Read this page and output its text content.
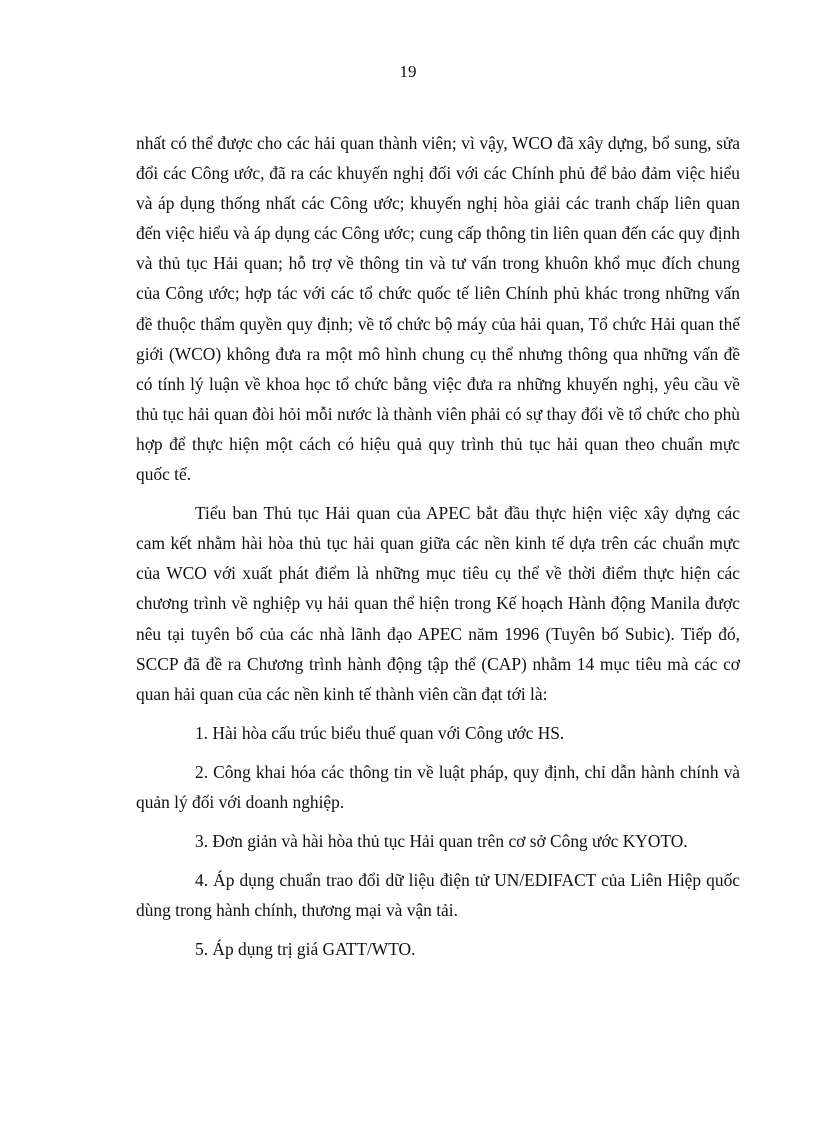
19

nhất có thể được cho các hải quan thành viên; vì vậy, WCO đã xây dựng, bổ sung, sửa đổi các Công ước, đã ra các khuyến nghị đối với các Chính phủ để bảo đảm việc hiểu và áp dụng thống nhất các Công ước; khuyến nghị hòa giải các tranh chấp liên quan đến việc hiểu và áp dụng các Công ước; cung cấp thông tin liên quan đến các quy định và thủ tục Hải quan; hỗ trợ về thông tin và tư vấn trong khuôn khổ mục đích chung của Công ước; hợp tác với các tổ chức quốc tế liên Chính phủ khác trong những vấn đề thuộc thẩm quyền quy định; về tổ chức bộ máy của hải quan, Tổ chức Hải quan thế giới (WCO) không đưa ra một mô hình chung cụ thể nhưng thông qua những vấn đề có tính lý luận về khoa học tổ chức bằng việc đưa ra những khuyến nghị, yêu cầu về thủ tục hải quan đòi hỏi mỗi nước là thành viên phải có sự thay đổi về tổ chức cho phù hợp để thực hiện một cách có hiệu quả quy trình thủ tục hải quan theo chuẩn mực quốc tế.

Tiểu ban Thủ tục Hải quan của APEC bắt đầu thực hiện việc xây dựng các cam kết nhằm hài hòa thủ tục hải quan giữa các nền kinh tế dựa trên các chuẩn mực của WCO với xuất phát điểm là những mục tiêu cụ thể về thời điểm thực hiện các chương trình về nghiệp vụ hải quan thể hiện trong Kế hoạch Hành động Manila được nêu tại tuyên bố của các nhà lãnh đạo APEC năm 1996 (Tuyên bố Subic). Tiếp đó, SCCP đã đề ra Chương trình hành động tập thể (CAP) nhằm 14 mục tiêu mà các cơ quan hải quan của các nền kinh tế thành viên cần đạt tới là:

1. Hài hòa cấu trúc biểu thuế quan với Công ước HS.

2. Công khai hóa các thông tin về luật pháp, quy định, chỉ dẫn hành chính và quản lý đối với doanh nghiệp.

3. Đơn giản và hài hòa thủ tục Hải quan trên cơ sở Công ước KYOTO.

4. Áp dụng chuẩn trao đổi dữ liệu điện tử UN/EDIFACT của Liên Hiệp quốc dùng trong hành chính, thương mại và vận tải.

5. Áp dụng trị giá GATT/WTO.
